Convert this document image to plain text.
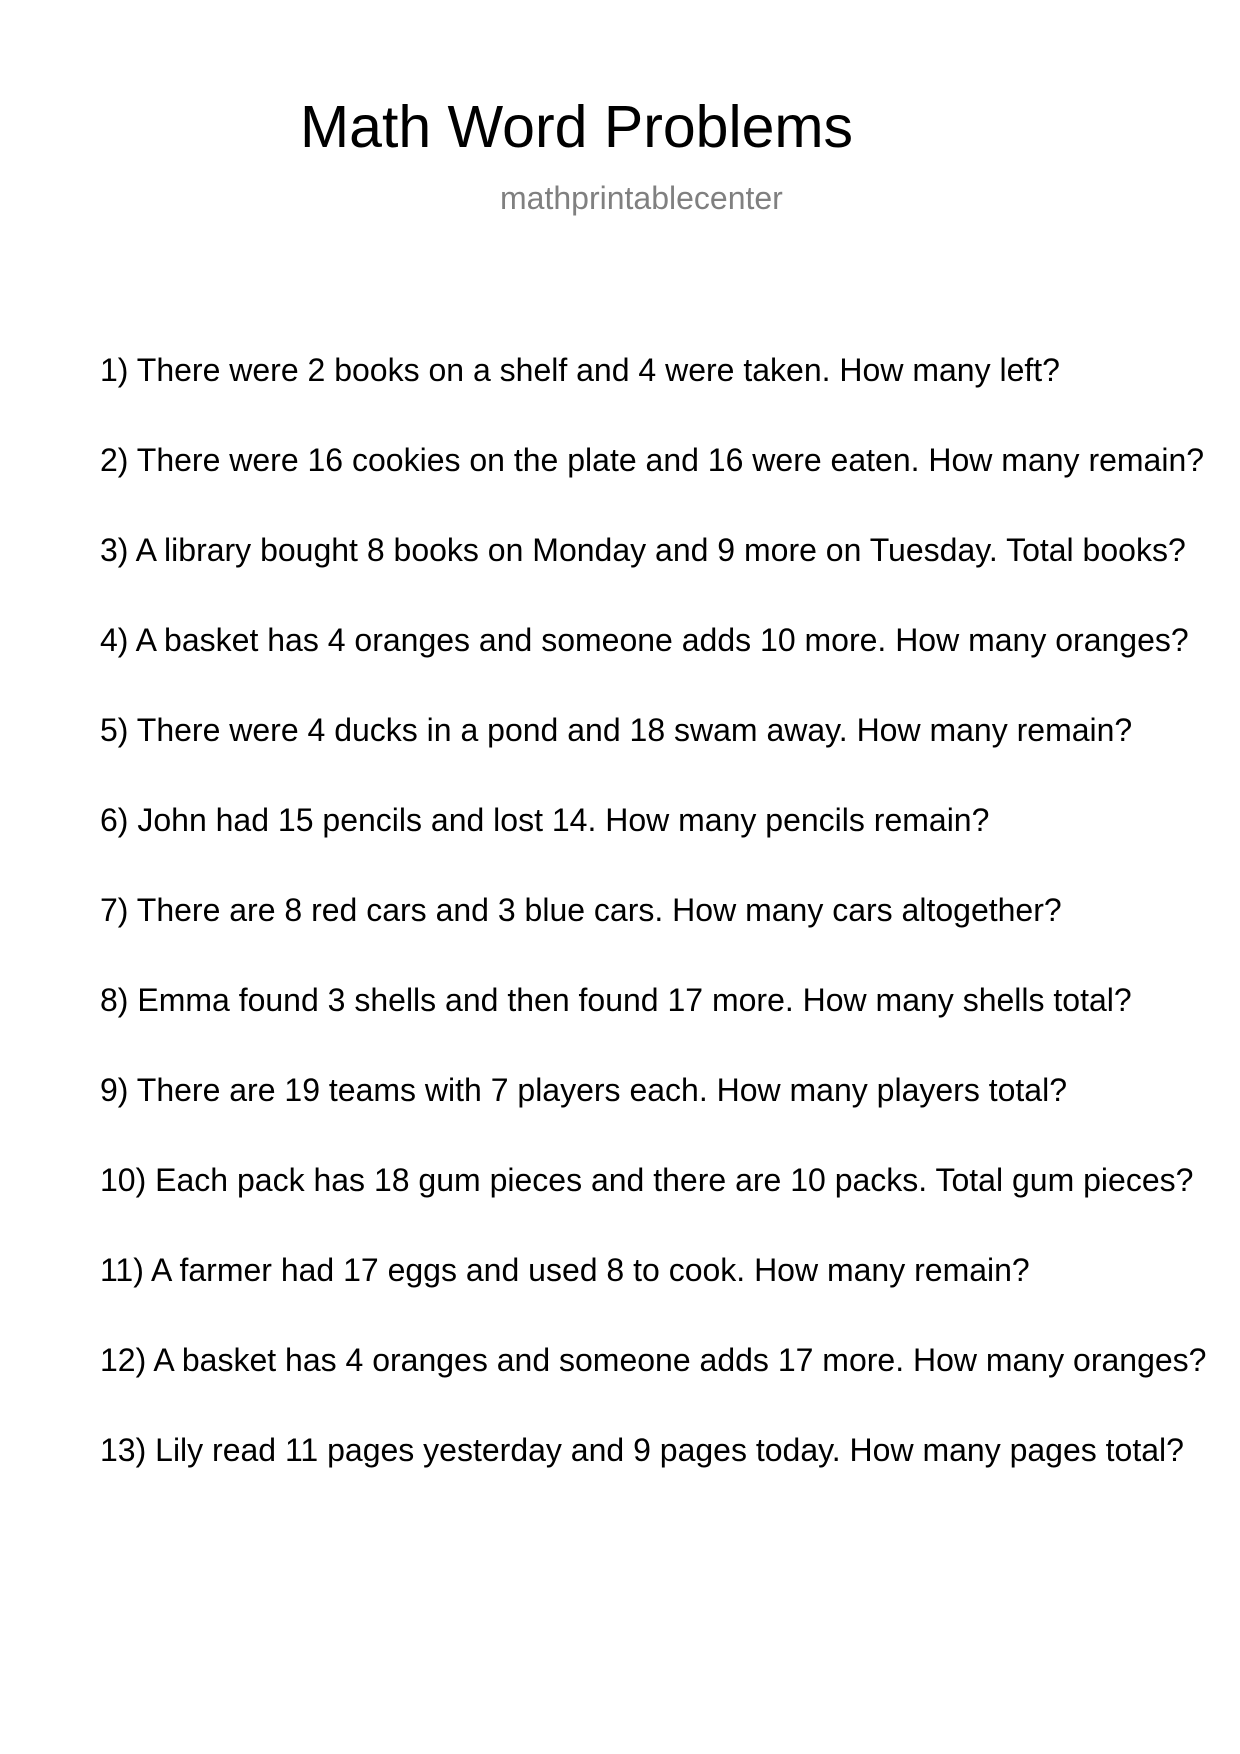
Math Word Problems

mathprintablecenter

1) There were 2 books on a shelf and 4 were taken. How many left?
2) There were 16 cookies on the plate and 16 were eaten. How many remain?
3) A library bought 8 books on Monday and 9 more on Tuesday. Total books?
4) A basket has 4 oranges and someone adds 10 more. How many oranges?
5) There were 4 ducks in a pond and 18 swam away. How many remain?
6) John had 15 pencils and lost 14. How many pencils remain?
7) There are 8 red cars and 3 blue cars. How many cars altogether?
8) Emma found 3 shells and then found 17 more. How many shells total?
9) There are 19 teams with 7 players each. How many players total?
10) Each pack has 18 gum pieces and there are 10 packs. Total gum pieces?
11) A farmer had 17 eggs and used 8 to cook. How many remain?
12) A basket has 4 oranges and someone adds 17 more. How many oranges?
13) Lily read 11 pages yesterday and 9 pages today. How many pages total?
